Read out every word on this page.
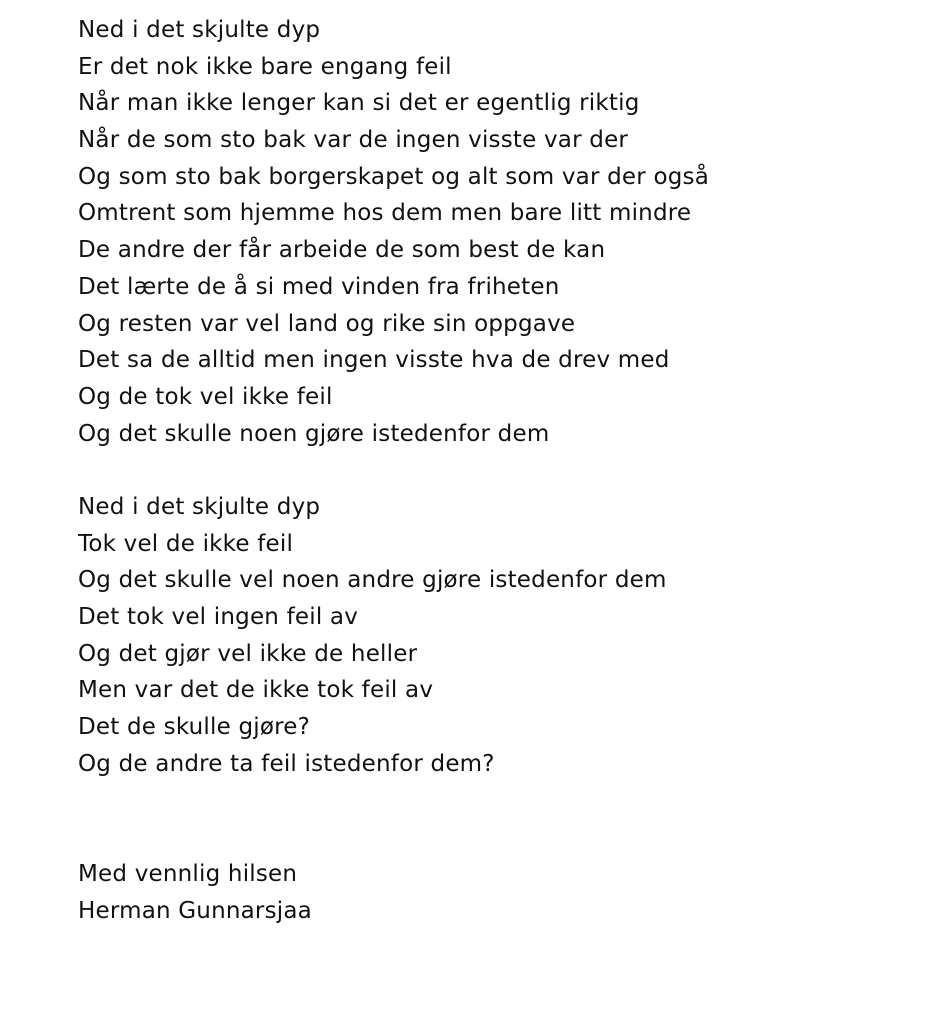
Ned i det skjulte dyp
Er det nok ikke bare engang feil
Når man ikke lenger kan si det er egentlig riktig
Når de som sto bak var de ingen visste var der
Og som sto bak borgerskapet og alt som var der også
Omtrent som hjemme hos dem men bare litt mindre
De andre der får arbeide de som best de kan
Det lærte de å si med vinden fra friheten
Og resten var vel land og rike sin oppgave
Det sa de alltid men ingen visste hva de drev med
Og de tok vel ikke feil
Og det skulle noen gjøre istedenfor dem
Ned i det skjulte dyp
Tok vel de ikke feil
Og det skulle vel noen andre gjøre istedenfor dem
Det tok vel ingen feil av
Og det gjør vel ikke de heller
Men var det de ikke tok feil av
Det de skulle gjøre?
Og de andre ta feil istedenfor dem?
Med vennlig hilsen
Herman Gunnarsjaa
